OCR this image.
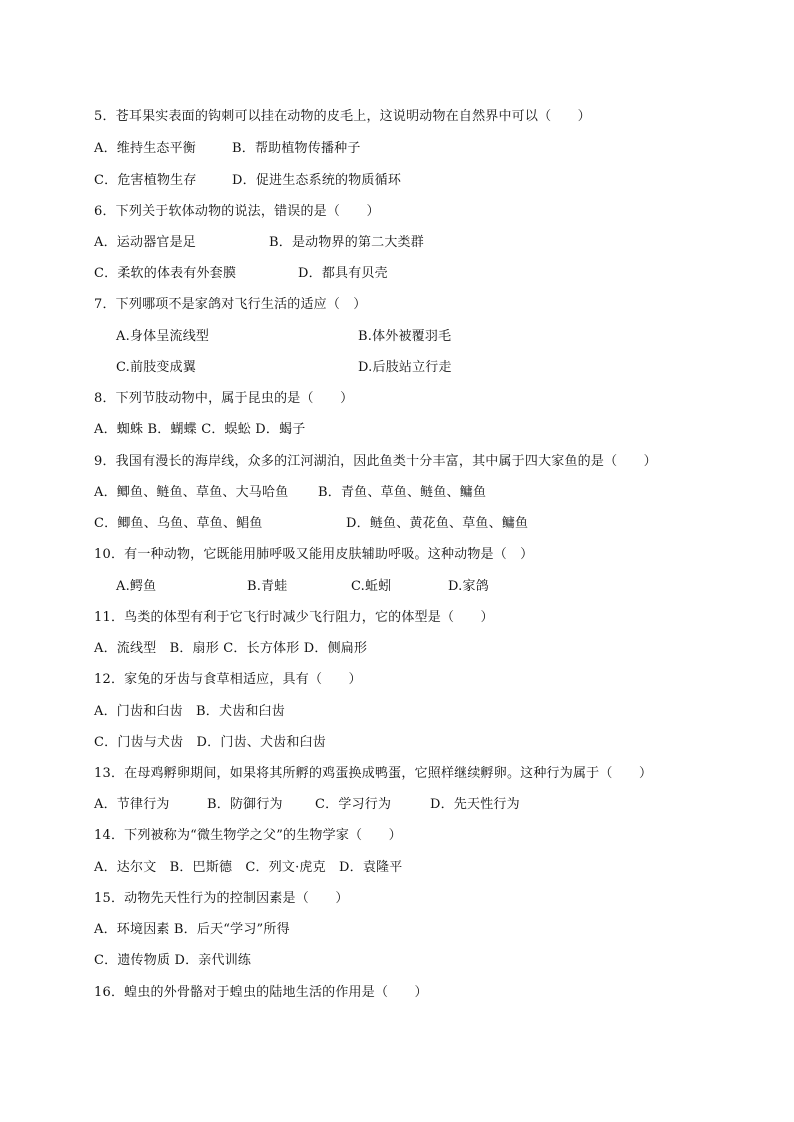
5．苍耳果实表面的钩刺可以挂在动物的皮毛上，这说明动物在自然界中可以（　　）
A．维持生态平衡	B．帮助植物传播种子
C．危害植物生存	D．促进生态系统的物质循环
6．下列关于软体动物的说法，错误的是（　　）
A．运动器官是足	B．是动物界的第二大类群
C．柔软的体表有外套膜	D．都具有贝壳
7．下列哪项不是家鸽对飞行生活的适应（　）
A.身体呈流线型	B.体外被覆羽毛
C.前肢变成翼	D.后肢站立行走
8．下列节肢动物中，属于昆虫的是（　　）
A．蜘蛛 B．蝴蝶 C．蜈蚣 D．蝎子
9．我国有漫长的海岸线，众多的江河湖泊，因此鱼类十分丰富，其中属于四大家鱼的是（　　）
A．鲫鱼、鲢鱼、草鱼、大马哈鱼 B．青鱼、草鱼、鲢鱼、鳙鱼
C．鲫鱼、乌鱼、草鱼、鲳鱼	D．鲢鱼、黄花鱼、草鱼、鳙鱼
10．有一种动物，它既能用肺呼吸又能用皮肤辅助呼吸。这种动物是（　）
A.鳄鱼	B.青蛙	C.蚯蚓	D.家鸽
11．鸟类的体型有利于它飞行时减少飞行阻力，它的体型是（　　）
A．流线型　B．扇形 C．长方体形 D．侧扁形
12．家兔的牙齿与食草相适应，具有（　　）
A．门齿和臼齿　B．犬齿和臼齿
C．门齿与犬齿　D．门齿、犬齿和臼齿
13．在母鸡孵卵期间，如果将其所孵的鸡蛋换成鸭蛋，它照样继续孵卵。这种行为属于（　　）
A．节律行为	B．防御行为 C．学习行为	D．先天性行为
14．下列被称为“微生物学之父”的生物学家（　　）
A．达尔文　B．巴斯德　C．列文·虎克　D．袁隆平
15．动物先天性行为的控制因素是（　　）
A．环境因素 B．后天“学习”所得
C．遗传物质 D．亲代训练
16．蝗虫的外骨骼对于蝗虫的陆地生活的作用是（　　）
